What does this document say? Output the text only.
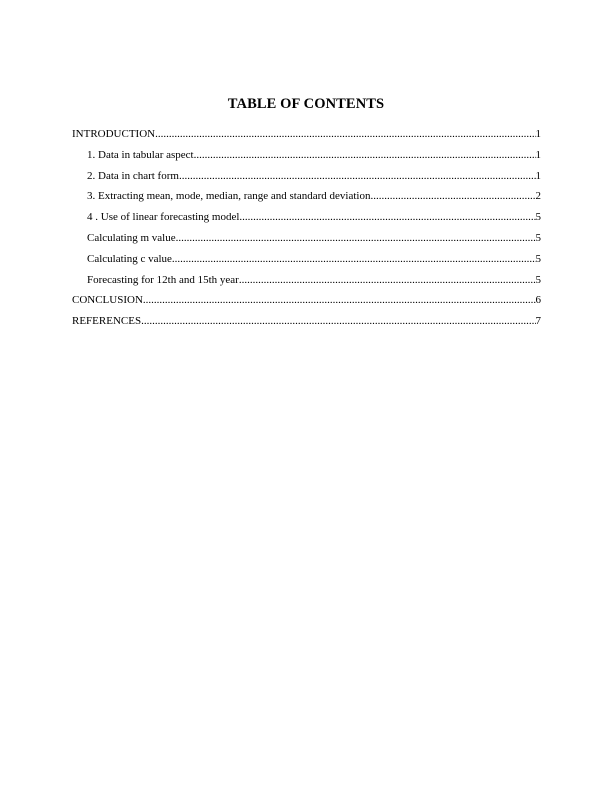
TABLE OF CONTENTS
INTRODUCTION .....	1
1. Data in tabular aspect .....	1
2. Data in chart form .....	1
3. Extracting mean, mode, median, range and standard deviation .....	2
4 . Use of linear forecasting model .....	5
Calculating m value .....	5
Calculating c value .....	5
Forecasting for 12th and 15th year .....	5
CONCLUSION .....	6
REFERENCES .....	7
